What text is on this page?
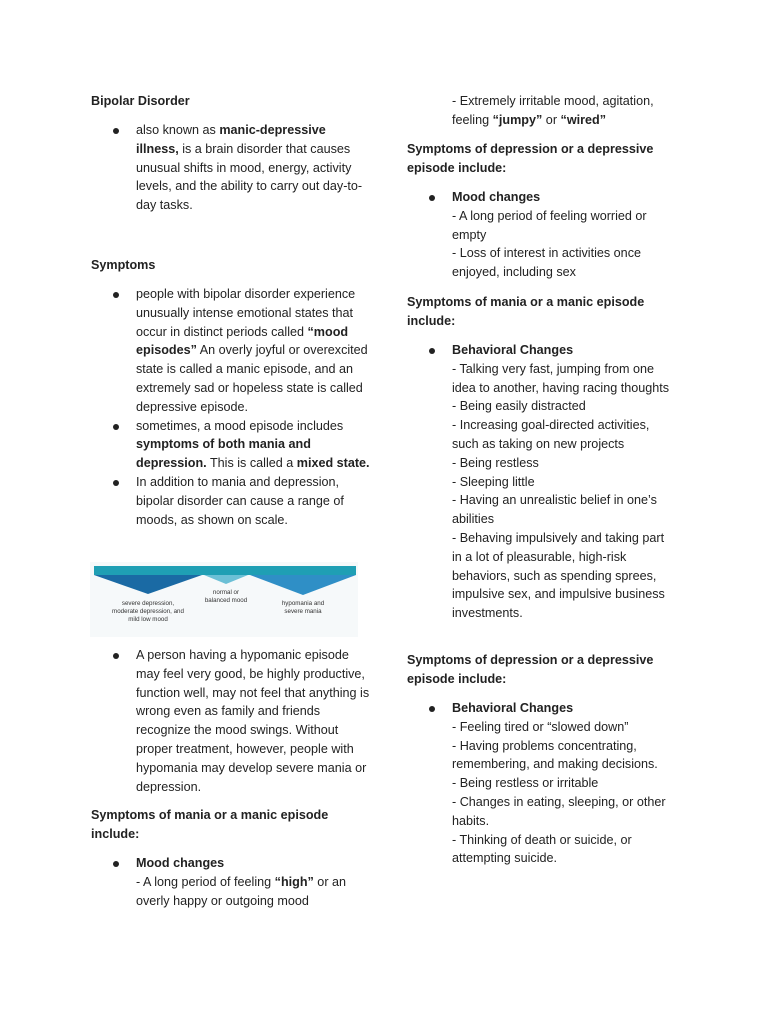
Bipolar Disorder
also known as manic-depressive illness, is a brain disorder that causes unusual shifts in mood, energy, activity levels, and the ability to carry out day-to-day tasks.
Symptoms
people with bipolar disorder experience unusually intense emotional states that occur in distinct periods called “mood episodes” An overly joyful or overexcited state is called a manic episode, and an extremely sad or hopeless state is called depressive episode.
sometimes, a mood episode includes symptoms of both mania and depression. This is called a mixed state.
In addition to mania and depression, bipolar disorder can cause a range of moods, as shown on scale.
severe depression,
moderate depression, and
mild low mood
normal or
balanced mood	hypomania and
severe mania
A person having a hypomanic episode may feel very good, be highly productive, function well, may not feel that anything is wrong even as family and friends recognize the mood swings. Without proper treatment, however, people with hypomania may develop severe mania or depression.
Symptoms of mania or a manic episode include:
Mood changes
- A long period of feeling “high” or an overly happy or outgoing mood
- Extremely irritable mood, agitation,
feeling “jumpy” or “wired”
Symptoms of depression or a depressive episode include:
Mood changes
- A long period of feeling worried or
empty
- Loss of interest in activities once
enjoyed, including sex
Symptoms of mania or a manic episode include:
Behavioral Changes
- Talking very fast, jumping from one
idea to another, having racing thoughts
- Being easily distracted
- Increasing goal-directed activities,
such as taking on new projects
- Being restless
- Sleeping little
- Having an unrealistic belief in one’s
abilities
- Behaving impulsively and taking part
in a lot of pleasurable, high-risk
behaviors, such as spending sprees,
impulsive sex, and impulsive business
investments.
Symptoms of depression or a depressive episode include:
Behavioral Changes
- Feeling tired or “slowed down”
- Having problems concentrating,
remembering, and making decisions.
- Being restless or irritable
- Changes in eating, sleeping, or other
habits.
- Thinking of death or suicide, or
attempting suicide.
